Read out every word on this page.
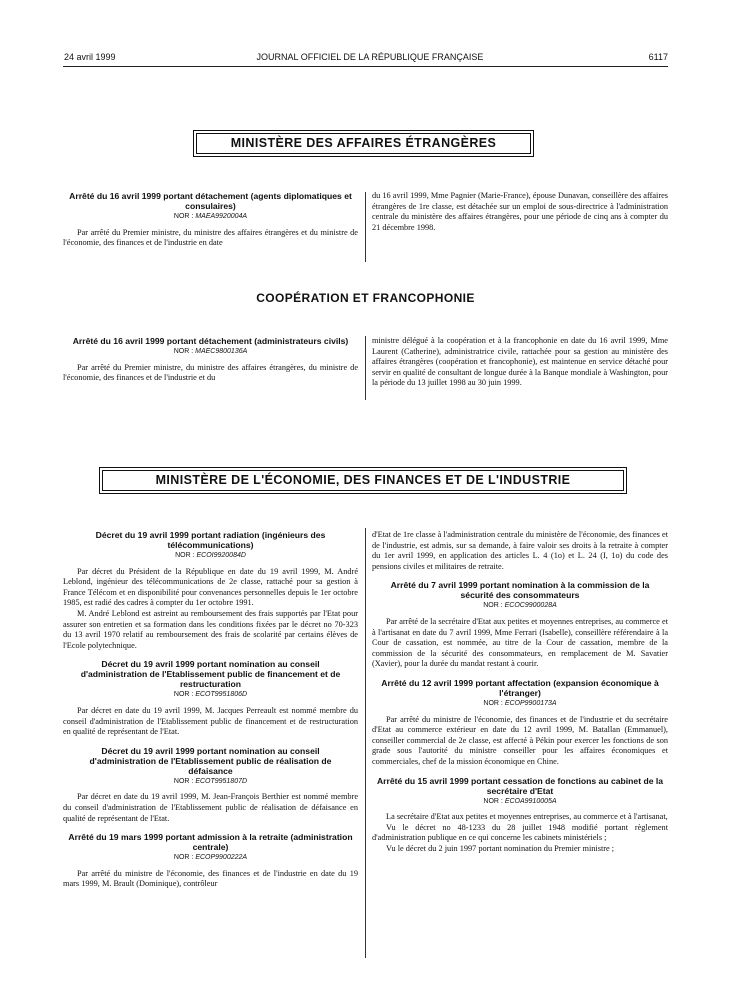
24 avril 1999	JOURNAL OFFICIEL DE LA RÉPUBLIQUE FRANÇAISE	6117
MINISTÈRE DES AFFAIRES ÉTRANGÈRES
Arrêté du 16 avril 1999 portant détachement (agents diplomatiques et consulaires)
NOR : MAEA9920004A

Par arrêté du Premier ministre, du ministre des affaires étrangères et du ministre de l'économie, des finances et de l'industrie en date

du 16 avril 1999, Mme Pagnier (Marie-France), épouse Dunavan, conseillère des affaires étrangères de 1re classe, est détachée sur un emploi de sous-directrice à l'administration centrale du ministère des affaires étrangères, pour une période de cinq ans à compter du 21 décembre 1998.

COOPÉRATION ET FRANCOPHONIE
Arrêté du 16 avril 1999 portant détachement (administrateurs civils)
NOR : MAEC9800136A

Par arrêté du Premier ministre, du ministre des affaires étrangères, du ministre de l'économie, des finances et de l'industrie et du

ministre délégué à la coopération et à la francophonie en date du 16 avril 1999, Mme Laurent (Catherine), administratrice civile, rattachée pour sa gestion au ministère des affaires étrangères (coopération et francophonie), est maintenue en service détaché pour servir en qualité de consultant de longue durée à la Banque mondiale à Washington, pour la période du 13 juillet 1998 au 30 juin 1999.

MINISTÈRE DE L'ÉCONOMIE, DES FINANCES ET DE L'INDUSTRIE
Décret du 19 avril 1999 portant radiation (ingénieurs des télécommunications)
NOR : ECOI9920084D

Par décret du Président de la République en date du 19 avril 1999, M. André Leblond, ingénieur des télécommunications de 2e classe, rattaché pour sa gestion à France Télécom et en disponibilité pour convenances personnelles depuis le 1er octobre 1985, est radié des cadres à compter du 1er octobre 1991.

M. André Leblond est astreint au remboursement des frais supportés par l'Etat pour assurer son entretien et sa formation dans les conditions fixées par le décret no 70-323 du 13 avril 1970 relatif au remboursement des frais de scolarité par certains élèves de l'Ecole polytechnique.

Décret du 19 avril 1999 portant nomination au conseil d'administration de l'Etablissement public de financement et de restructuration
NOR : ECOT9951806D

Par décret en date du 19 avril 1999, M. Jacques Perreault est nommé membre du conseil d'administration de l'Etablissement public de financement et de restructuration en qualité de représentant de l'Etat.

Décret du 19 avril 1999 portant nomination au conseil d'administration de l'Etablissement public de réalisation de défaisance
NOR : ECOT9951807D

Par décret en date du 19 avril 1999, M. Jean-François Berthier est nommé membre du conseil d'administration de l'Etablissement public de réalisation de défaisance en qualité de représentant de l'Etat.

Arrêté du 19 mars 1999 portant admission à la retraite (administration centrale)
NOR : ECOP9900222A

Par arrêté du ministre de l'économie, des finances et de l'industrie en date du 19 mars 1999, M. Brault (Dominique), contrôleur

d'Etat de 1re classe à l'administration centrale du ministère de l'économie, des finances et de l'industrie, est admis, sur sa demande, à faire valoir ses droits à la retraite à compter du 1er avril 1999, en application des articles L. 4 (1o) et L. 24 (I, 1o) du code des pensions civiles et militaires de retraite.

Arrêté du 7 avril 1999 portant nomination à la commission de la sécurité des consommateurs
NOR : ECOC9900028A

Par arrêté de la secrétaire d'Etat aux petites et moyennes entreprises, au commerce et à l'artisanat en date du 7 avril 1999, Mme Ferrari (Isabelle), conseillère référendaire à la Cour de cassation, est nommée, au titre de la Cour de cassation, membre de la commission de la sécurité des consommateurs, en remplacement de M. Savatier (Xavier), pour la durée du mandat restant à courir.

Arrêté du 12 avril 1999 portant affectation (expansion économique à l'étranger)
NOR : ECOP9900173A

Par arrêté du ministre de l'économie, des finances et de l'industrie et du secrétaire d'Etat au commerce extérieur en date du 12 avril 1999, M. Batallan (Emmanuel), conseiller commercial de 2e classe, est affecté à Pékin pour exercer les fonctions de son grade sous l'autorité du ministre conseiller pour les affaires économiques et commerciales, chef de la mission économique en Chine.

Arrêté du 15 avril 1999 portant cessation de fonctions au cabinet de la secrétaire d'Etat
NOR : ECOA9910005A

La secrétaire d'Etat aux petites et moyennes entreprises, au commerce et à l'artisanat,

Vu le décret no 48-1233 du 28 juillet 1948 modifié portant règlement d'administration publique en ce qui concerne les cabinets ministériels ;

Vu le décret du 2 juin 1997 portant nomination du Premier ministre ;
